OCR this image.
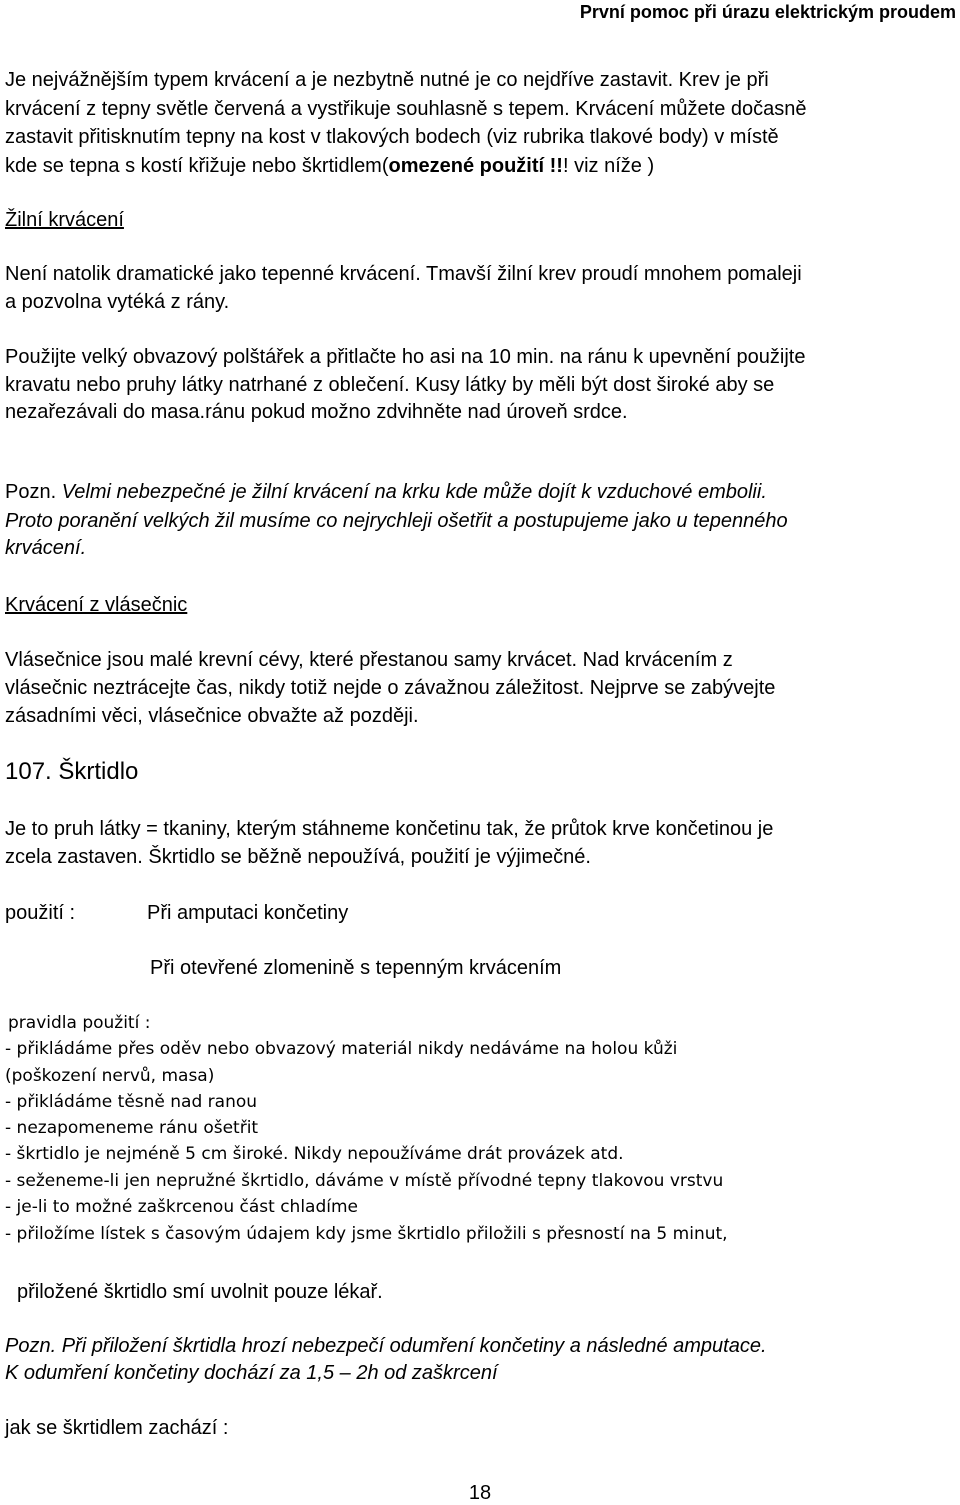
První pomoc při úrazu elektrickým proudem
Je nejvážnějším typem krvácení a je nezbytně nutné je co nejdříve zastavit. Krev je při
krvácení z tepny světle červená a vystřikuje souhlasně s tepem. Krvácení můžete dočasně
zastavit přitisknutím tepny na kost v tlakových bodech (viz rubrika tlakové body) v místě
kde se tepna s kostí křižuje nebo škrtidlem(omezené použití !!! viz níže )
Žilní krvácení
Není natolik dramatické jako tepenné krvácení. Tmavší žilní krev proudí mnohem pomaleji
a pozvolna vytéká z rány.
Použijte velký obvazový polštářek a přitlačte ho asi na 10 min. na ránu k upevnění použijte
kravatu nebo pruhy látky natrhané z oblečení. Kusy látky by měli být dost široké aby se
nezařezávali do masa.ránu pokud možno zdvihněte nad úroveň srdce.
Pozn. Velmi nebezpečné je žilní krvácení na krku kde může dojít k vzduchové embolii.
Proto poranění velkých žil musíme co nejrychleji ošetřit a postupujeme jako u tepenného
krvácení.
Krvácení z vlásečnic
Vlásečnice jsou malé krevní cévy, které přestanou samy krvácet. Nad krvácením z
vlásečnic neztrácejte čas, nikdy totiž nejde o závažnou záležitost. Nejprve se zabývejte
zásadními věci, vlásečnice obvažte až později.
107. Škrtidlo
Je to pruh látky = tkaniny, kterým stáhneme končetinu tak, že průtok krve končetinou je
zcela zastaven. Škrtidlo se běžně nepoužívá, použití je výjimečné.
použití :	Při amputaci končetiny
Při otevřené zlomenině s tepenným krvácením
pravidla použití :
- přikládáme přes oděv nebo obvazový materiál nikdy nedáváme na holou kůži
(poškození nervů, masa)
- přikládáme těsně nad ranou
- nezapomeneme ránu ošetřit
- škrtidlo je nejméně 5 cm široké. Nikdy nepoužíváme drát provázek atd.
- seženeme-li jen nepružné škrtidlo, dáváme v místě přívodné tepny tlakovou vrstvu
- je-li to možné zaškrcenou část chladíme
- přiložíme lístek s časovým údajem kdy jsme škrtidlo přiložili s přesností na 5 minut,
přiložené škrtidlo smí uvolnit pouze lékař.
Pozn. Při přiložení škrtidla hrozí nebezpečí odumření končetiny a následné amputace.
K odumření končetiny dochází za 1,5 – 2h od zaškrcení
jak se škrtidlem zachází :
18
